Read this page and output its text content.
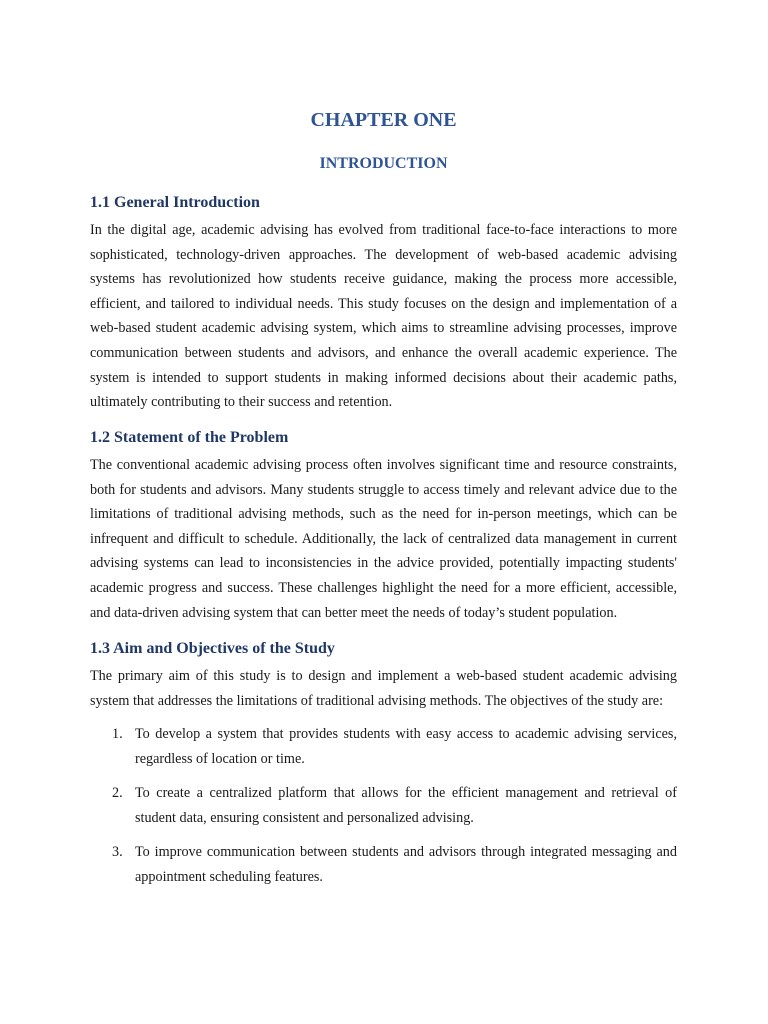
CHAPTER ONE
INTRODUCTION
1.1 General Introduction

In the digital age, academic advising has evolved from traditional face-to-face interactions to more sophisticated, technology-driven approaches. The development of web-based academic advising systems has revolutionized how students receive guidance, making the process more accessible, efficient, and tailored to individual needs. This study focuses on the design and implementation of a web-based student academic advising system, which aims to streamline advising processes, improve communication between students and advisors, and enhance the overall academic experience. The system is intended to support students in making informed decisions about their academic paths, ultimately contributing to their success and retention.

1.2 Statement of the Problem

The conventional academic advising process often involves significant time and resource constraints, both for students and advisors. Many students struggle to access timely and relevant advice due to the limitations of traditional advising methods, such as the need for in-person meetings, which can be infrequent and difficult to schedule. Additionally, the lack of centralized data management in current advising systems can lead to inconsistencies in the advice provided, potentially impacting students' academic progress and success. These challenges highlight the need for a more efficient, accessible, and data-driven advising system that can better meet the needs of today’s student population.

1.3 Aim and Objectives of the Study

The primary aim of this study is to design and implement a web-based student academic advising system that addresses the limitations of traditional advising methods. The objectives of the study are:

1. To develop a system that provides students with easy access to academic advising services, regardless of location or time.
2. To create a centralized platform that allows for the efficient management and retrieval of student data, ensuring consistent and personalized advising.
3. To improve communication between students and advisors through integrated messaging and appointment scheduling features.
